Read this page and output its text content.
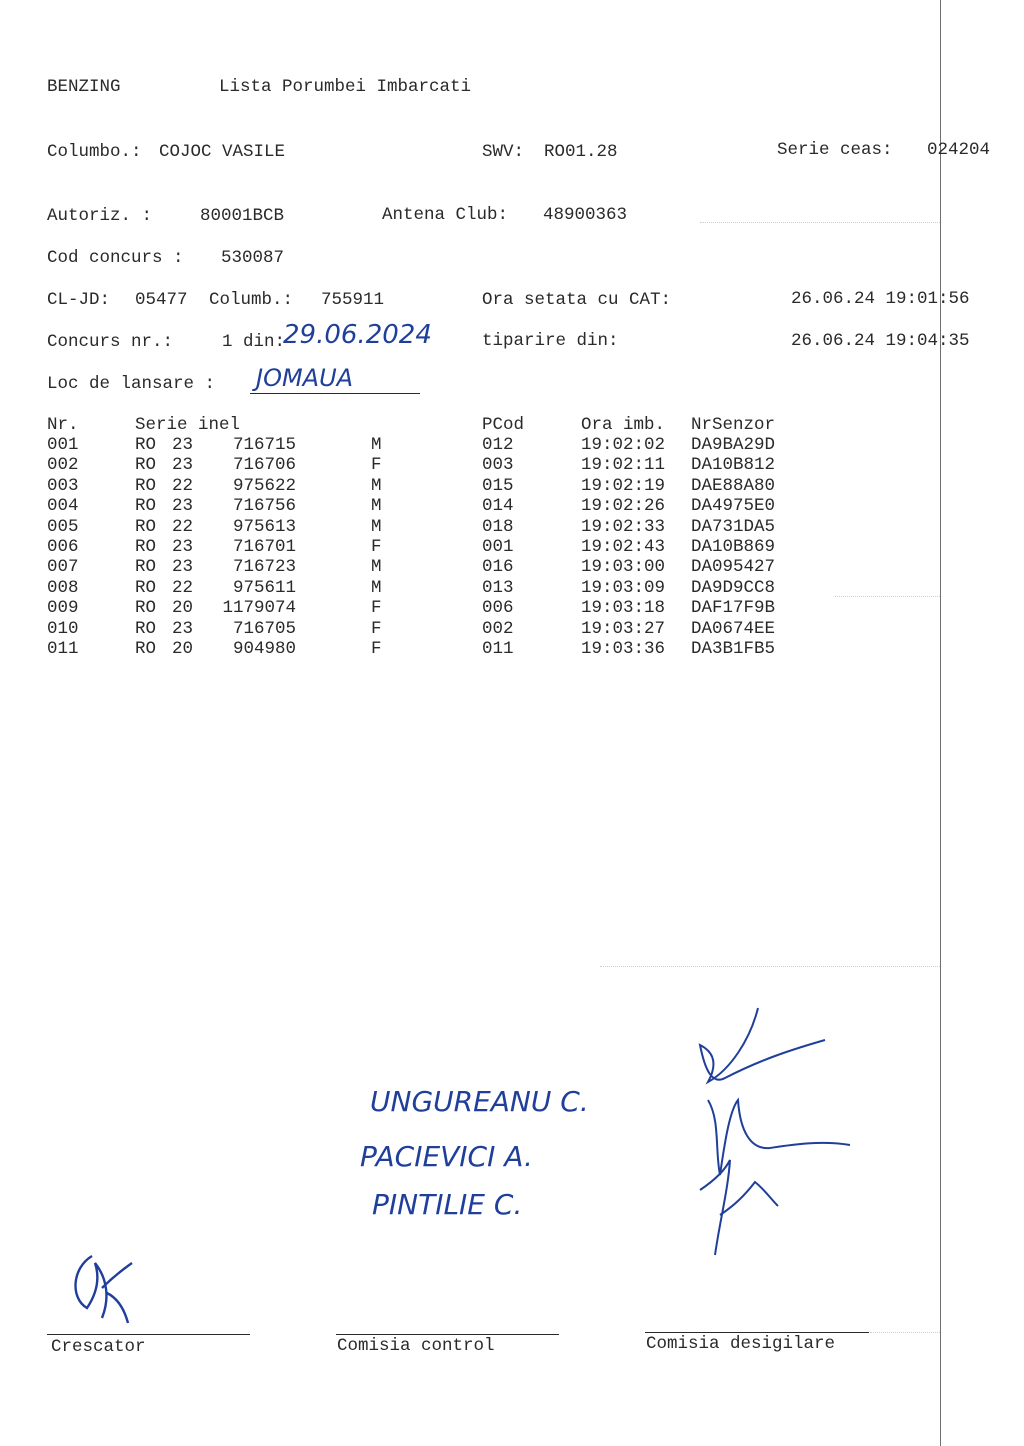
BENZING	Lista Porumbei Imbarcati
Columbo.: COJOC VASILE	SWV: RO01.28	Serie ceas: 024204
Autoriz. :	80001BCB	Antena Club: 48900363
Cod concurs : 530087
CL-JD: 05477 Columb.: 755911	Ora setata cu CAT:	26.06.24 19:01:56
Concurs nr.:	1 din:
29.06.2024	tiparire din:	26.06.24 19:04:35
Loc de lansare : JOMAUA
Nr.	Serie inel	PCod	Ora imb. NrSenzor
001	RO 23 716715	M	012	19:02:02 DA9BA29D
002	RO 23 716706	F	003	19:02:11 DA10B812
003	RO 22 975622	M	015	19:02:19 DAE88A80
004	RO 23 716756	M	014	19:02:26 DA4975E0
005	RO 22 975613	M	018	19:02:33 DA731DA5
006	RO 23 716701	F	001	19:02:43 DA10B869
007	RO 23 716723	M	016	19:03:00 DA095427
008	RO 22 975611	M	013	19:03:09 DA9D9CC8
009	RO 20 1179074	F	006	19:03:18 DAF17F9B
010	RO 23 716705	F	002	19:03:27 DA0674EE
011	RO 20 904980	F	011	19:03:36 DA3B1FB5
UNGUREANU C.
PACIEVICI A.
PINTILIE C.
Crescator	Comisia control	Comisia desigilare
